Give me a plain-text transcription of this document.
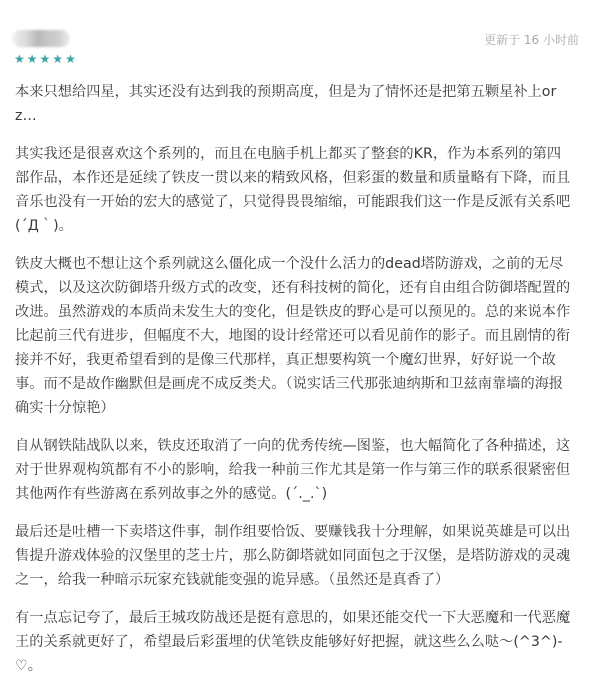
★ ★ ★ ★ ★
更新于 16 小时前

本来只想给四星，其实还没有达到我的预期高度，但是为了情怀还是把第五颗星补上orz…

其实我还是很喜欢这个系列的，而且在电脑手机上都买了整套的KR，作为本系列的第四部作品，本作还是延续了铁皮一贯以来的精致风格，但彩蛋的数量和质量略有下降，而且音乐也没有一开始的宏大的感觉了，只觉得畏畏缩缩，可能跟我们这一作是反派有关系吧(´Д｀)。

铁皮大概也不想让这个系列就这么僵化成一个没什么活力的dead塔防游戏，之前的无尽模式，以及这次防御塔升级方式的改变，还有科技树的简化，还有自由组合防御塔配置的改进。虽然游戏的本质尚未发生大的变化，但是铁皮的野心是可以预见的。总的来说本作比起前三代有进步，但幅度不大，地图的设计经常还可以看见前作的影子。而且剧情的衔接并不好，我更希望看到的是像三代那样，真正想要构筑一个魔幻世界，好好说一个故事。而不是故作幽默但是画虎不成反类犬。（说实话三代那张迪纳斯和卫兹南靠墙的海报确实十分惊艳）

自从钢铁陆战队以来，铁皮还取消了一向的优秀传统—图鉴，也大幅简化了各种描述，这对于世界观构筑都有不小的影响，给我一种前三作尤其是第一作与第三作的联系很紧密但其他两作有些游离在系列故事之外的感觉。(´._.`)

最后还是吐槽一下卖塔这件事，制作组要恰饭、要赚钱我十分理解，如果说英雄是可以出售提升游戏体验的汉堡里的芝士片，那么防御塔就如同面包之于汉堡，是塔防游戏的灵魂之一，给我一种暗示玩家充钱就能变强的诡异感。（虽然还是真香了）

有一点忘记夸了，最后王城攻防战还是挺有意思的，如果还能交代一下大恶魔和一代恶魔王的关系就更好了，希望最后彩蛋埋的伏笔铁皮能够好好把握，就这些么么哒～(^3^)-♡。
